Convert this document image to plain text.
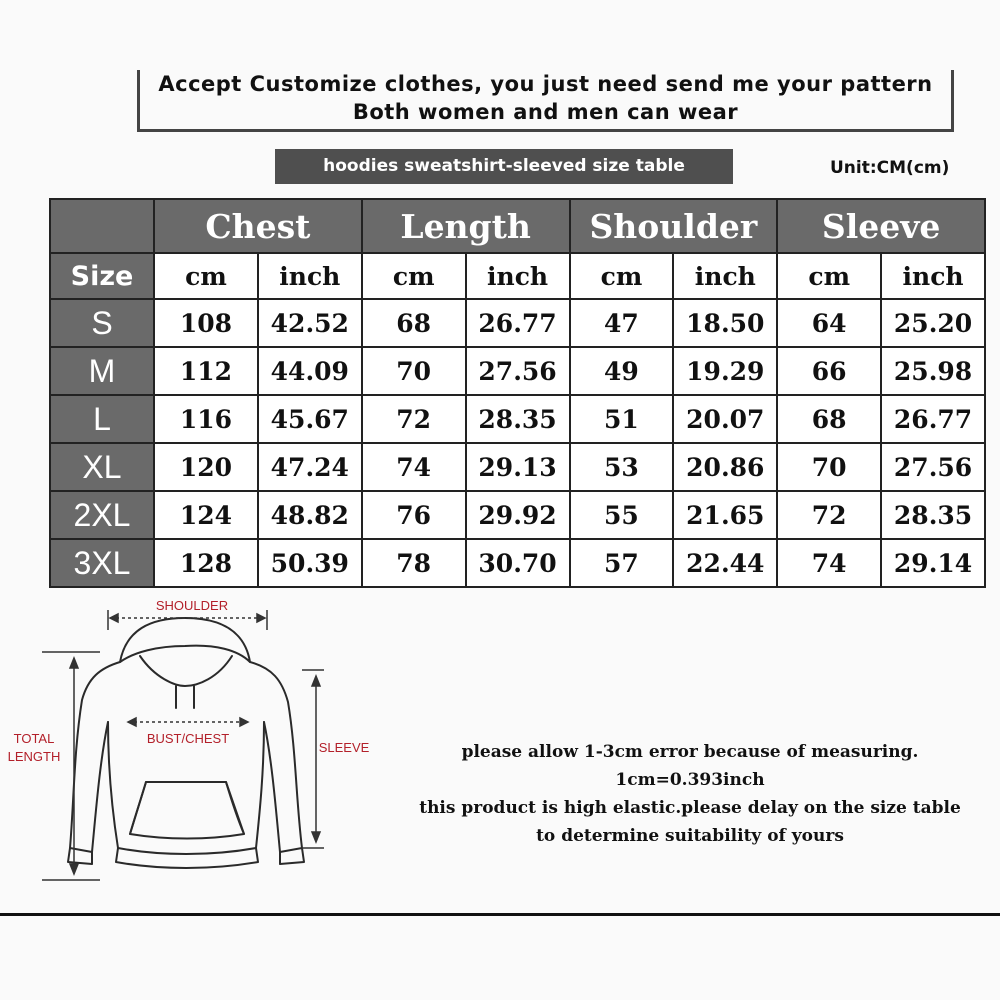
Accept Customize clothes, you just need send me your pattern
Both women and men can wear
hoodies sweatshirt-sleeved size table	Unit:CM(cm)
	Chest		Length		Shoulder		Sleeve	
Size	cm	inch	cm	inch	cm	inch	cm	inch
S	108	42.52	68	26.77	47	18.50	64	25.20
M	112	44.09	70	27.56	49	19.29	66	25.98
L	116	45.67	72	28.35	51	20.07	68	26.77
XL	120	47.24	74	29.13	53	20.86	70	27.56
2XL	124	48.82	76	29.92	55	21.65	72	28.35
3XL	128	50.39	78	30.70	57	22.44	74	29.14
SHOULDER
BUST/CHEST
TOTAL
LENGTH
SLEEVE	please allow 1-3cm error because of measuring.
1cm=0.393inch
this product is high elastic.please delay on the size table
to determine suitability of yours
